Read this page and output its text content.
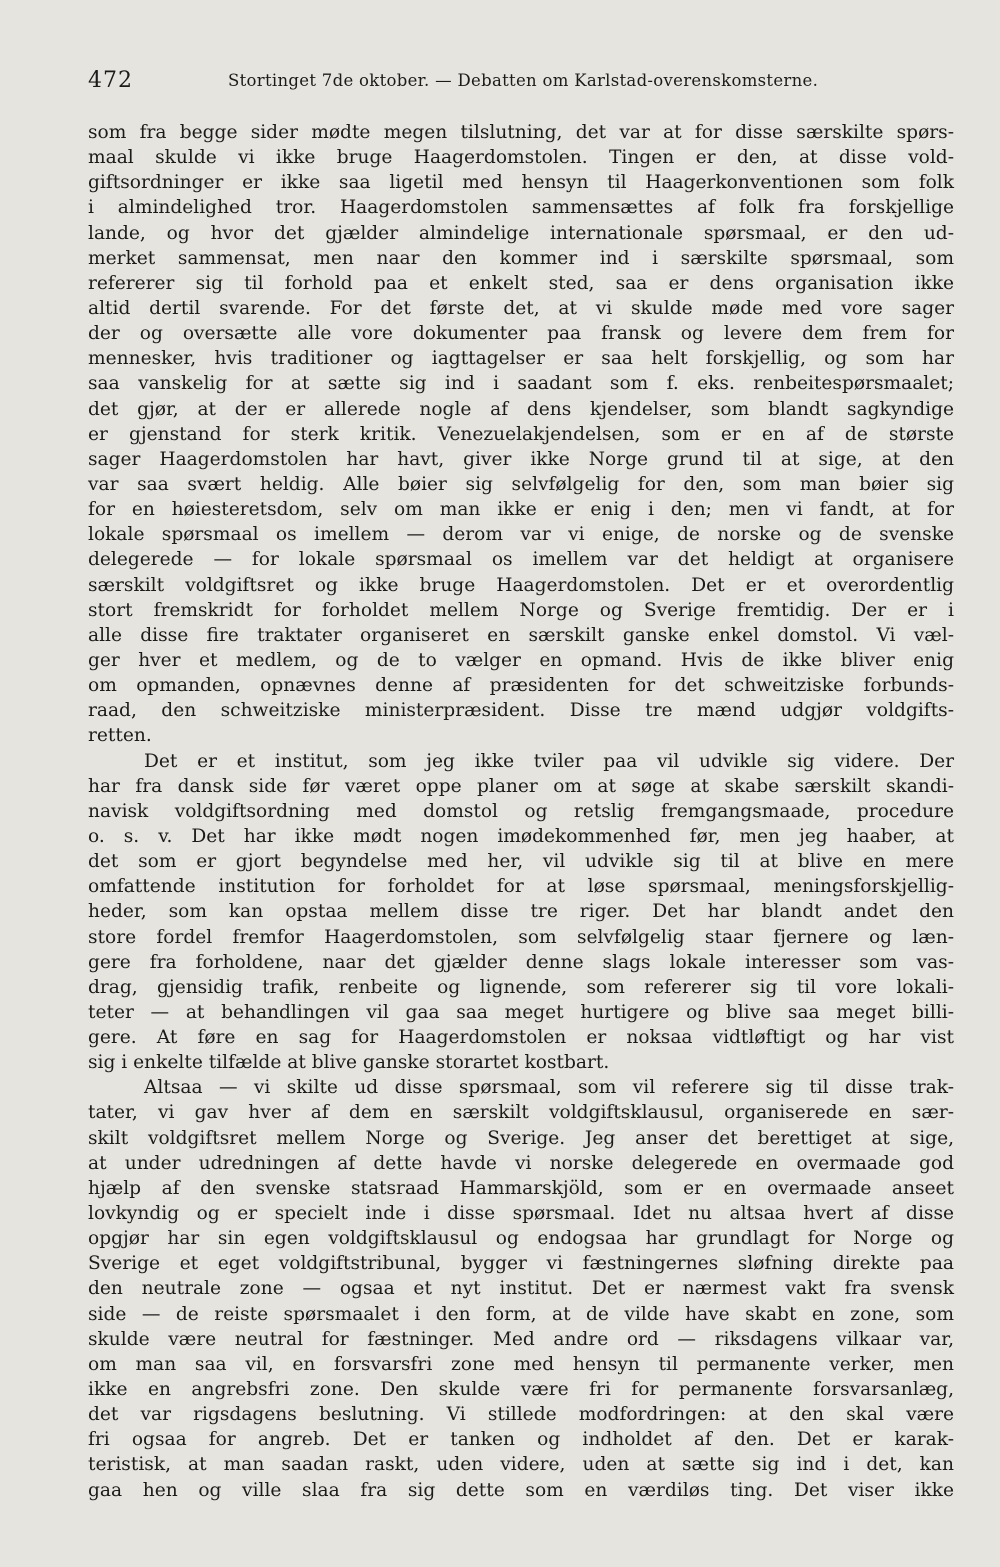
472	Stortinget 7de oktober. — Debatten om Karlstad-overenskomsterne.
som fra begge sider mødte megen tilslutning, det var at for disse særskilte spørs-
maal skulde vi ikke bruge Haagerdomstolen. Tingen er den, at disse vold-
giftsordninger er ikke saa ligetil med hensyn til Haagerkonventionen som folk
i almindelighed tror. Haagerdomstolen sammensættes af folk fra forskjellige
lande, og hvor det gjælder almindelige internationale spørsmaal, er den ud-
merket sammensat, men naar den kommer ind i særskilte spørsmaal, som
refererer sig til forhold paa et enkelt sted, saa er dens organisation ikke
altid dertil svarende. For det første det, at vi skulde møde med vore sager
der og oversætte alle vore dokumenter paa fransk og levere dem frem for
mennesker, hvis traditioner og iagttagelser er saa helt forskjellig, og som har
saa vanskelig for at sætte sig ind i saadant som f. eks. renbeitespørsmaalet;
det gjør, at der er allerede nogle af dens kjendelser, som blandt sagkyndige
er gjenstand for sterk kritik. Venezuelakjendelsen, som er en af de største
sager Haagerdomstolen har havt, giver ikke Norge grund til at sige, at den
var saa svært heldig. Alle bøier sig selvfølgelig for den, som man bøier sig
for en høiesteretsdom, selv om man ikke er enig i den; men vi fandt, at for
lokale spørsmaal os imellem — derom var vi enige, de norske og de svenske
delegerede — for lokale spørsmaal os imellem var det heldigt at organisere
særskilt voldgiftsret og ikke bruge Haagerdomstolen. Det er et overordentlig
stort fremskridt for forholdet mellem Norge og Sverige fremtidig. Der er i
alle disse fire traktater organiseret en særskilt ganske enkel domstol. Vi væl-
ger hver et medlem, og de to vælger en opmand. Hvis de ikke bliver enig
om opmanden, opnævnes denne af præsidenten for det schweitziske forbunds-
raad, den schweitziske ministerpræsident. Disse tre mænd udgjør voldgifts-
retten.
Det er et institut, som jeg ikke tviler paa vil udvikle sig videre. Der
har fra dansk side før været oppe planer om at søge at skabe særskilt skandi-
navisk voldgiftsordning med domstol og retslig fremgangsmaade, procedure
o. s. v. Det har ikke mødt nogen imødekommenhed før, men jeg haaber, at
det som er gjort begyndelse med her, vil udvikle sig til at blive en mere
omfattende institution for forholdet for at løse spørsmaal, meningsforskjellig-
heder, som kan opstaa mellem disse tre riger. Det har blandt andet den
store fordel fremfor Haagerdomstolen, som selvfølgelig staar fjernere og læn-
gere fra forholdene, naar det gjælder denne slags lokale interesser som vas-
drag, gjensidig trafik, renbeite og lignende, som refererer sig til vore lokali-
teter — at behandlingen vil gaa saa meget hurtigere og blive saa meget billi-
gere. At føre en sag for Haagerdomstolen er noksaa vidtløftigt og har vist
sig i enkelte tilfælde at blive ganske storartet kostbart.
Altsaa — vi skilte ud disse spørsmaal, som vil referere sig til disse trak-
tater, vi gav hver af dem en særskilt voldgiftsklausul, organiserede en sær-
skilt voldgiftsret mellem Norge og Sverige. Jeg anser det berettiget at sige,
at under udredningen af dette havde vi norske delegerede en overmaade god
hjælp af den svenske statsraad Hammarskjöld, som er en overmaade anseet
lovkyndig og er specielt inde i disse spørsmaal. Idet nu altsaa hvert af disse
opgjør har sin egen voldgiftsklausul og endogsaa har grundlagt for Norge og
Sverige et eget voldgiftstribunal, bygger vi fæstningernes sløfning direkte paa
den neutrale zone — ogsaa et nyt institut. Det er nærmest vakt fra svensk
side — de reiste spørsmaalet i den form, at de vilde have skabt en zone, som
skulde være neutral for fæstninger. Med andre ord — riksdagens vilkaar var,
om man saa vil, en forsvarsfri zone med hensyn til permanente verker, men
ikke en angrebsfri zone. Den skulde være fri for permanente forsvarsanlæg,
det var rigsdagens beslutning. Vi stillede modfordringen: at den skal være
fri ogsaa for angreb. Det er tanken og indholdet af den. Det er karak-
teristisk, at man saadan raskt, uden videre, uden at sætte sig ind i det, kan
gaa hen og ville slaa fra sig dette som en værdiløs ting. Det viser ikke
